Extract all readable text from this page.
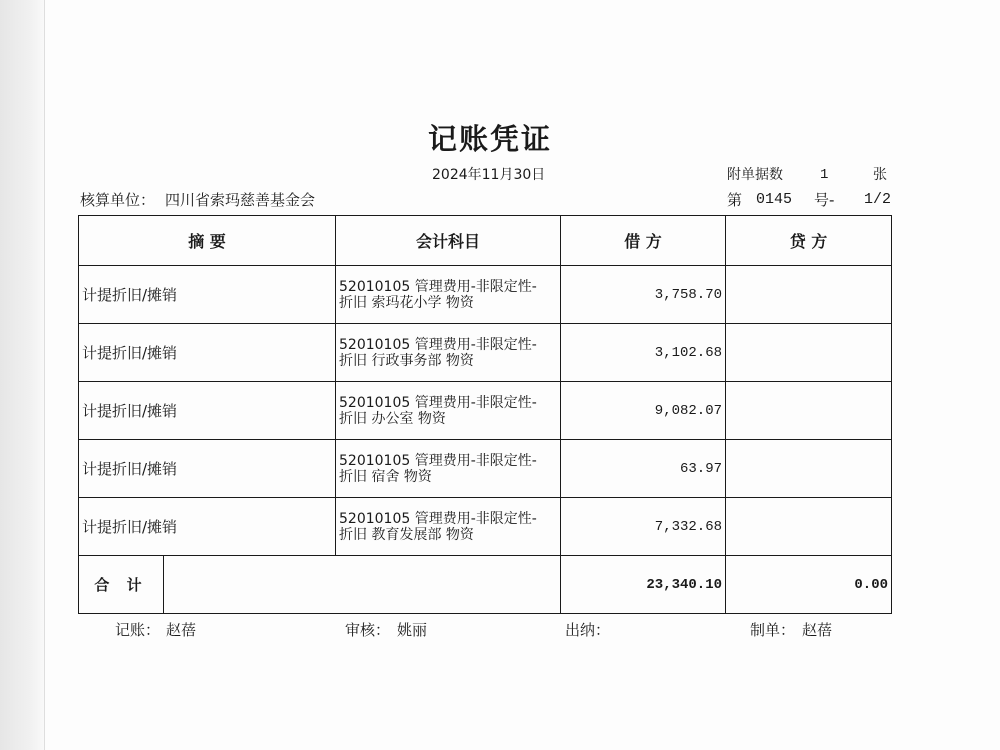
记账凭证
2024年11月30日	附单据数	1	张
核算单位： 四川省索玛慈善基金会	第 0145 号- 1/2
摘 要		会计科目	借 方	贷 方
计提折旧/摊销		52010105 管理费用-非限定性-
折旧 索玛花小学 物资	3,758.70	
计提折旧/摊销		52010105 管理费用-非限定性-
折旧 行政事务部 物资	3,102.68	
计提折旧/摊销		52010105 管理费用-非限定性-
折旧 办公室 物资	9,082.07	
计提折旧/摊销		52010105 管理费用-非限定性-
折旧 宿舍 物资	63.97	
计提折旧/摊销		52010105 管理费用-非限定性-
折旧 教育发展部 物资	7,332.68	
合 计			23,340.10	0.00
记账： 赵蓓	审核： 姚丽	出纳：	制单： 赵蓓
